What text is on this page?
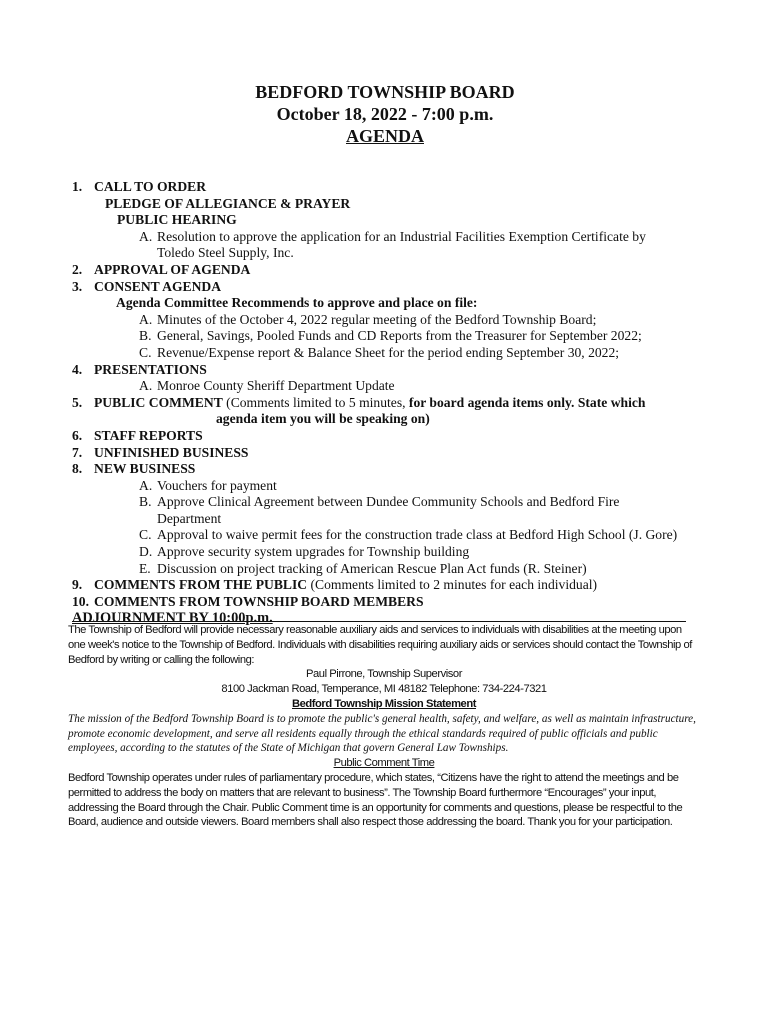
BEDFORD TOWNSHIP BOARD
October 18, 2022 - 7:00 p.m.
AGENDA
1. CALL TO ORDER
PLEDGE OF ALLEGIANCE & PRAYER
PUBLIC HEARING
A. Resolution to approve the application for an Industrial Facilities Exemption Certificate by
Toledo Steel Supply, Inc.
2. APPROVAL OF AGENDA
3. CONSENT AGENDA
Agenda Committee Recommends to approve and place on file:
A. Minutes of the October 4, 2022 regular meeting of the Bedford Township Board;
B. General, Savings, Pooled Funds and CD Reports from the Treasurer for September 2022;
C. Revenue/Expense report & Balance Sheet for the period ending September 30, 2022;
4. PRESENTATIONS
A. Monroe County Sheriff Department Update
5. PUBLIC COMMENT (Comments limited to 5 minutes, for board agenda items only. State which
agenda item you will be speaking on)
6. STAFF REPORTS
7. UNFINISHED BUSINESS
8. NEW BUSINESS
A. Vouchers for payment
B. Approve Clinical Agreement between Dundee Community Schools and Bedford Fire
Department
C. Approval to waive permit fees for the construction trade class at Bedford High School (J. Gore)
D. Approve security system upgrades for Township building
E. Discussion on project tracking of American Rescue Plan Act funds (R. Steiner)
9. COMMENTS FROM THE PUBLIC (Comments limited to 2 minutes for each individual)
10. COMMENTS FROM TOWNSHIP BOARD MEMBERS
ADJOURNMENT BY 10:00p.m.

The Township of Bedford will provide necessary reasonable auxiliary aids and services to individuals with disabilities at the meeting upon one week's notice to the Township of Bedford. Individuals with disabilities requiring auxiliary aids or services should contact the Township of Bedford by writing or calling the following:

Paul Pirrone, Township Supervisor

8100 Jackman Road, Temperance, MI 48182 Telephone: 734-224-7321

Bedford Township Mission Statement

The mission of the Bedford Township Board is to promote the public's general health, safety, and welfare, as well as maintain infrastructure, promote economic development, and serve all residents equally through the ethical standards required of public officials and public employees, according to the statutes of the State of Michigan that govern General Law Townships.

Public Comment Time

Bedford Township operates under rules of parliamentary procedure, which states, “Citizens have the right to attend the meetings and be permitted to address the body on matters that are relevant to business”. The Township Board furthermore “Encourages” your input, addressing the Board through the Chair. Public Comment time is an opportunity for comments and questions, please be respectful to the Board, audience and outside viewers. Board members shall also respect those addressing the board. Thank you for your participation.
